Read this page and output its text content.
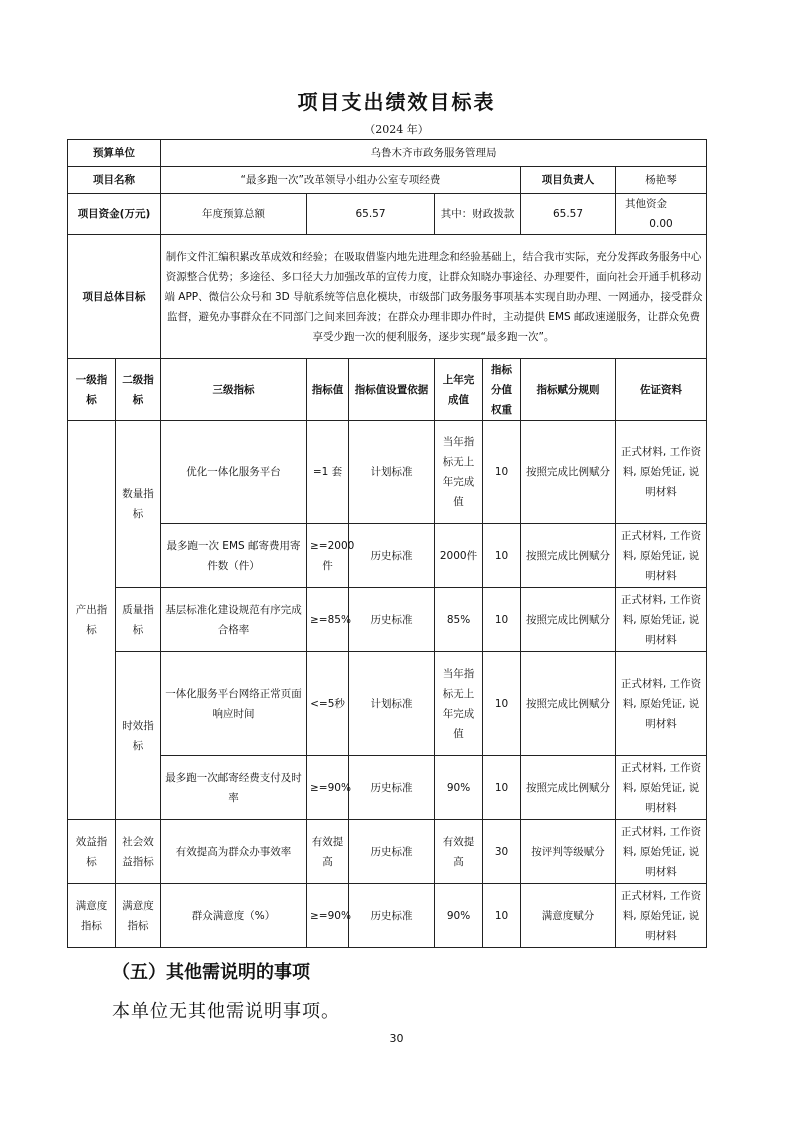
项目支出绩效目标表
（2024 年）
预算单位		乌鲁木齐市政务服务管理局						
项目名称		“最多跑一次”改革领导小组办公室专项经费					项目负责人	杨艳琴
项目资金(万元)		年度预算总额	65.57		其中：财政拨款		65.57	其他资金0.00
项目总体目标		制作文件汇编积累改革成效和经验；在吸取借鉴内地先进理念和经验基础上，结合我市实际，充分发挥政务服务中心资源整合优势；多途径、多口径大力加强改革的宣传力度，让群众知晓办事途径、办理要件，面向社会开通手机移动端 APP、微信公众号和 3D 导航系统等信息化模块，市级部门政务服务事项基本实现自助办理、一网通办，接受群众监督，避免办事群众在不同部门之间来回奔波；在群众办理非即办件时，主动提供 EMS 邮政速递服务，让群众免费享受少跑一次的便利服务，逐步实现“最多跑一次”。						
一级指标	二级指标	三级指标	指标值	指标值设置依据	上年完成值	指标分值权重	指标赋分规则	佐证资料
产出指标	数量指标	优化一体化服务平台	=1 套	计划标准	当年指标无上年完成值	10	按照完成比例赋分	正式材料, 工作资料, 原始凭证, 说明材料
		最多跑一次 EMS 邮寄费用寄件数（件）	≥=2000件	历史标准	2000件	10	按照完成比例赋分	正式材料, 工作资料, 原始凭证, 说明材料
	质量指标	基层标准化建设规范有序完成合格率	≥=85%	历史标准	85%	10	按照完成比例赋分	正式材料, 工作资料, 原始凭证, 说明材料
	时效指标	一体化服务平台网络正常页面响应时间	<=5秒	计划标准	当年指标无上年完成值	10	按照完成比例赋分	正式材料, 工作资料, 原始凭证, 说明材料
		最多跑一次邮寄经费支付及时率	≥=90%	历史标准	90%	10	按照完成比例赋分	正式材料, 工作资料, 原始凭证, 说明材料
效益指标	社会效益指标	有效提高为群众办事效率	有效提高	历史标准	有效提高	30	按评判等级赋分	正式材料, 工作资料, 原始凭证, 说明材料
满意度指标	满意度指标	群众满意度（%）	≥=90%	历史标准	90%	10	满意度赋分	正式材料, 工作资料, 原始凭证, 说明材料
（五）其他需说明的事项
本单位无其他需说明事项。
30
